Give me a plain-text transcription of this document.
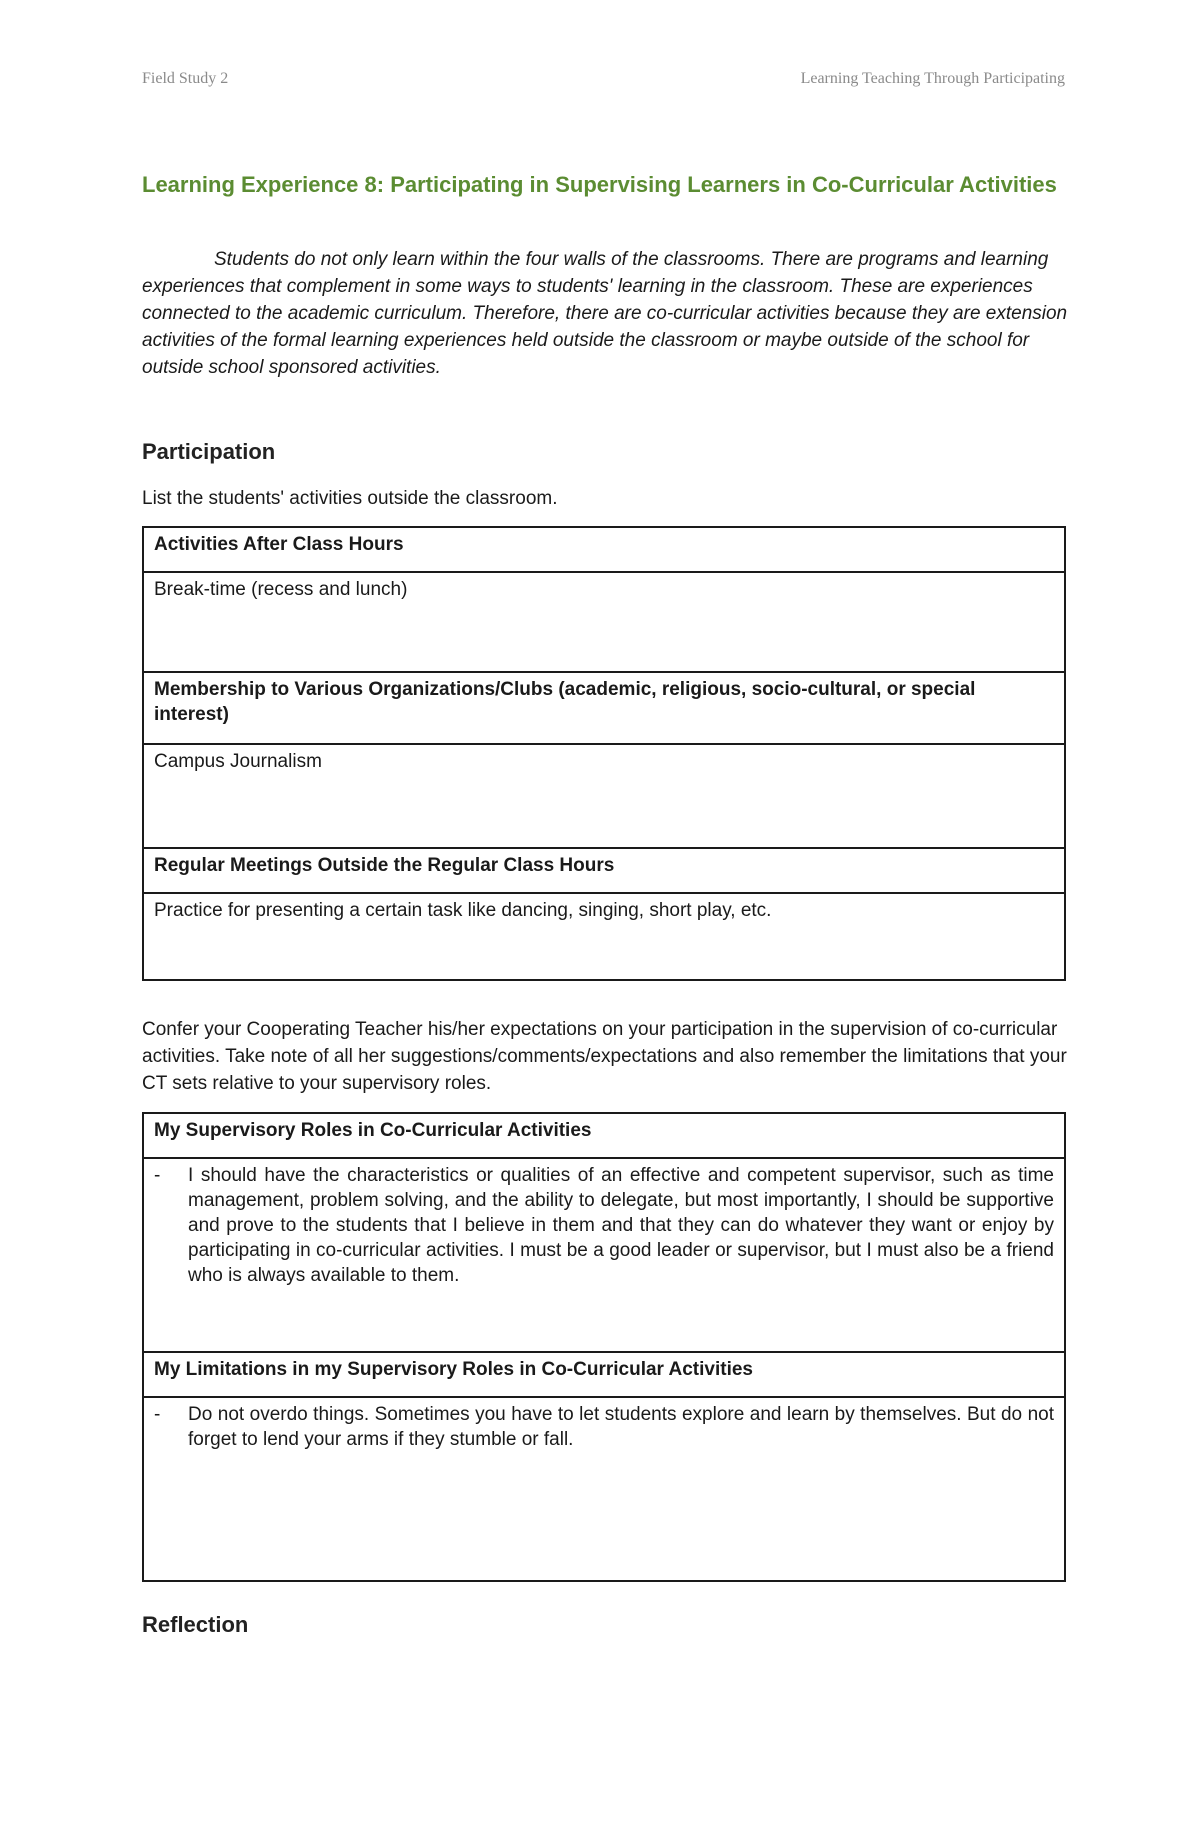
Field Study 2	Learning Teaching Through Participating
Learning Experience 8: Participating in Supervising Learners in Co-Curricular Activities

Students do not only learn within the four walls of the classrooms. There are programs and learning experiences that complement in some ways to students' learning in the classroom. These are experiences connected to the academic curriculum. Therefore, there are co-curricular activities because they are extension activities of the formal learning experiences held outside the classroom or maybe outside of the school for outside school sponsored activities.

Participation
List the students' activities outside the classroom.
Activities After Class Hours
Break-time (recess and lunch)
Membership to Various Organizations/Clubs (academic, religious, socio-cultural, or special interest)
Campus Journalism
Regular Meetings Outside the Regular Class Hours
Practice for presenting a certain task like dancing, singing, short play, etc.
Confer your Cooperating Teacher his/her expectations on your participation in the supervision of co-curricular activities. Take note of all her suggestions/comments/expectations and also remember the limitations that your CT sets relative to your supervisory roles.
My Supervisory Roles in Co-Curricular Activities

-	I should have the characteristics or qualities of an effective and competent supervisor, such as time management, problem solving, and the ability to delegate, but most importantly, I should be supportive and prove to the students that I believe in them and that they can do whatever they want or enjoy by participating in co-curricular activities. I must be a good leader or supervisor, but I must also be a friend who is always available to them.

My Limitations in my Supervisory Roles in Co-Curricular Activities

-	Do not overdo things. Sometimes you have to let students explore and learn by themselves. But do not forget to lend your arms if they stumble or fall.
Reflection
